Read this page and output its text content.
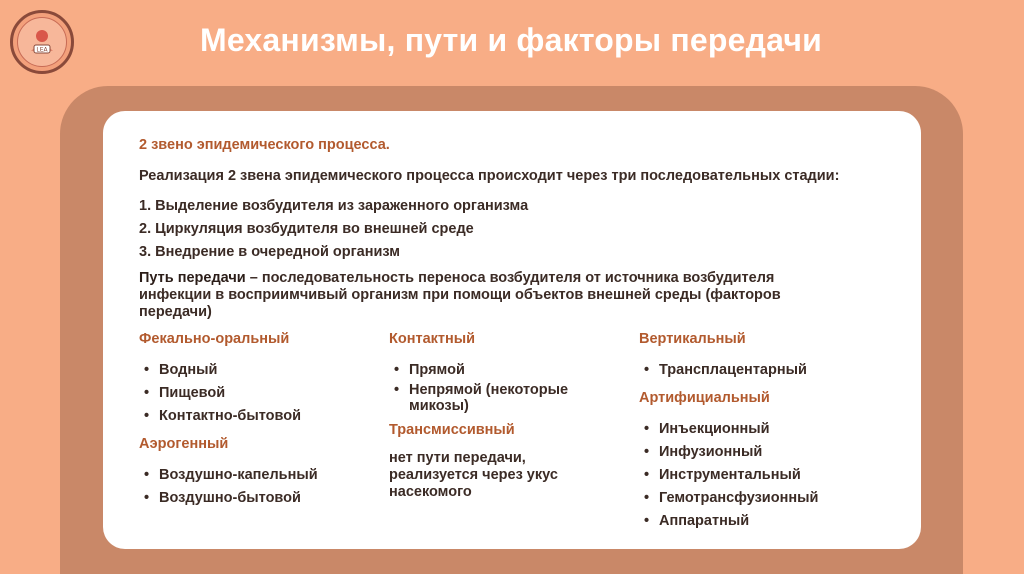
LEA	Механизмы, пути и факторы передачи
2 звено эпидемического процесса.
Реализация 2 звена эпидемического процесса происходит через три последовательных стадии:
1. Выделение возбудителя из зараженного организма
2. Циркуляция возбудителя во внешней среде
3. Внедрение в очередной организм
Путь передачи – последовательность переноса возбудителя от источника возбудителя инфекции в восприимчивый организм при помощи объектов внешней среды (факторов передачи)
Фекально-оральный
• Водный
• Пищевой
• Контактно-бытовой
Аэрогенный
• Воздушно-капельный
• Воздушно-бытовой
Контактный
• Прямой
• Непрямой (некоторые микозы)
Трансмиссивный

нет пути передачи, реализуется через укус насекомого

Вертикальный
• Трансплацентарный
Артифициальный
• Инъекционный
• Инфузионный
• Инструментальный
• Гемотрансфузионный
• Аппаратный
